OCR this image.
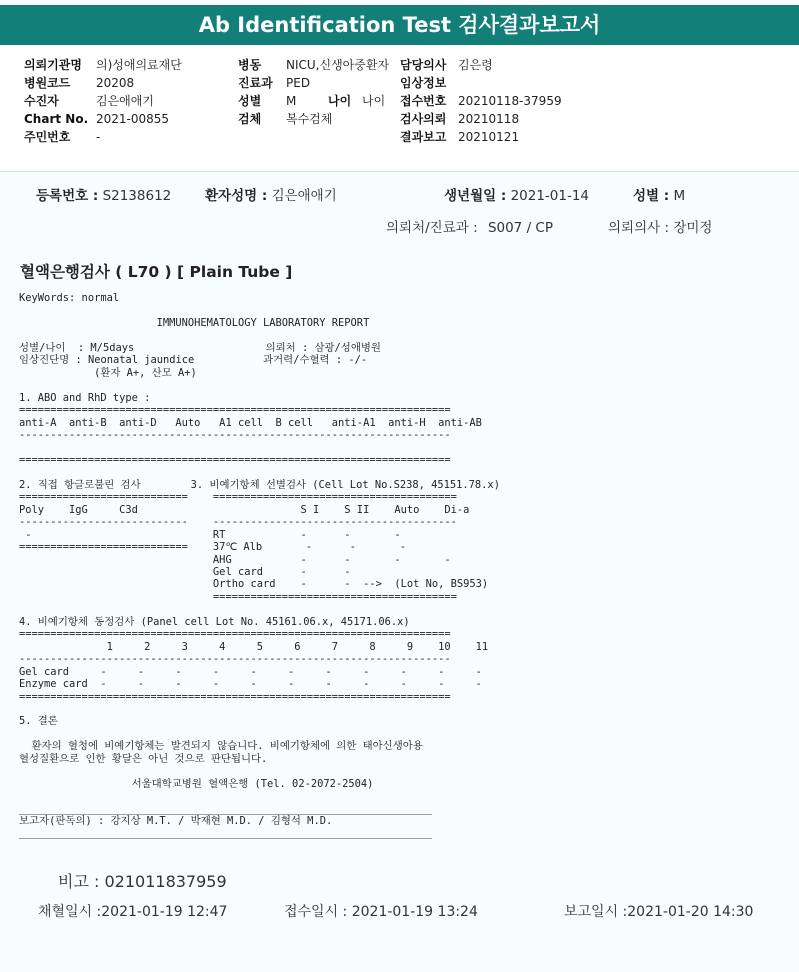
Ab Identification Test 검사결과보고서
의뢰기관명 의)성애의료재단
병원코드 20208
수진자	김은애애기
Chart No. 2021-00855
주민번호 -
병동 NICU,신생아중환자
진료과 PED
성별 M	나이 나이
검체 복수검체
담당의사 김은령
임상정보
접수번호 20210118-37959
검사의뢰 20210118
결과보고 20210121
등록번호 : S2138612 환자성명 : 김은애애기	생년월일 : 2021-01-14	성별 : M
의뢰처/진료과 : S007 / CP	의뢰의사 : 장미정
혈액은행검사 ( L70 ) [ Plain Tube ]
KeyWords: normal

IMMUNOHEMATOLOGY LABORATORY REPORT

성별/나이  : M/5days                     의뢰처 : 삼광/성애병원
임상진단명 : Neonatal jaundice           과거력/수혈력 : -/-
(환자 A+, 산모 A+)

1. ABO and RhD type :
=====================================================================
anti-A  anti-B  anti-D   Auto   A1 cell  B cell   anti-A1  anti-H  anti-AB
---------------------------------------------------------------------

=====================================================================

2. 직접 항글로불린 검사        3. 비예기항체 선별검사 (Cell Lot No.S238, 45151.78.x)
===========================    =======================================
Poly    IgG     C3d                          S I    S II    Auto    Di-a
---------------------------    ---------------------------------------
-                             RT            -      -       -
===========================    37℃ Alb       -      -       -
AHG           -      -       -       -
Gel card      -      -
Ortho card    -      -  -->  (Lot No, BS953)
=======================================

4. 비예기항체 동정검사 (Panel cell Lot No. 45161.06.x, 45171.06.x)
=====================================================================
1     2     3     4     5     6     7     8     9    10    11
---------------------------------------------------------------------
Gel card     -     -     -     -     -     -     -     -     -     -     -
Enzyme card  -     -     -     -     -     -     -     -     -     -     -
=====================================================================

5. 결론

환자의 혈청에 비예기항체는 발견되지 않습니다. 비예기항체에 의한 태아신생아용
혈성질환으로 인한 황달은 아닌 것으로 판단됩니다.

서울대학교병원 혈액은행 (Tel. 02-2072-2504)

__________________________________________________________________
보고자(판독의) : 강지상 M.T. / 박재현 M.D. / 김형석 M.D.
__________________________________________________________________
비고 : 021011837959
채혈일시 :2021-01-19 12:47	접수일시 : 2021-01-19 13:24	보고일시 :2021-01-20 14:30
